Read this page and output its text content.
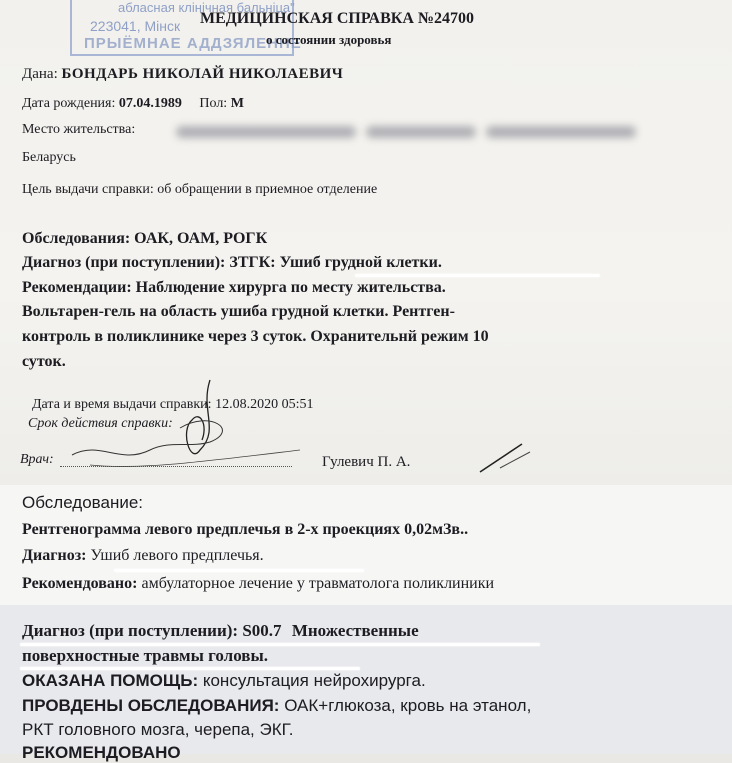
абласная клінічная бальніца"
223041, Мінск
ПРЫЁМНАЕ АДДЗЯЛЕННЕ
МЕДИЦИНСКАЯ СПРАВКА №24700
о состоянии здоровья
Дана: БОНДАРЬ НИКОЛАЙ НИКОЛАЕВИЧ
Дата рождения: 07.04.1989 Пол: М
Место жительства:
Беларусь
Цель выдачи справки: об обращении в приемное отделение
Обследования: ОАК, ОАМ, РОГК
Диагноз (при поступлении): ЗТГК: Ушиб грудной клетки.
Рекомендации: Наблюдение хирурга по месту жительства.
Вольтарен-гель на область ушиба грудной клетки. Рентген-
контроль в поликлинике через 3 суток. Охранительнй режим 10
суток.
Дата и время выдачи справки: 12.08.2020 05:51
Срок действия справки:
Врач:	Гулевич П. А.
Обследование:
Рентгенограмма левого предплечья в 2-х проекциях 0,02мЗв..
Диагноз: Ушиб левого предплечья.
Рекомендовано: амбулаторное лечение у травматолога поликлиники
Диагноз (при поступлении): S00.7 Множественные
поверхностные травмы головы.
ОКАЗАНА ПОМОЩЬ: консультация нейрохирурга.
ПРОВДЕНЫ ОБСЛЕДОВАНИЯ: ОАК+глюкоза, кровь на этанол,
РКТ головного мозга, черепа, ЭКГ.
РЕКОМЕНДОВАНО
